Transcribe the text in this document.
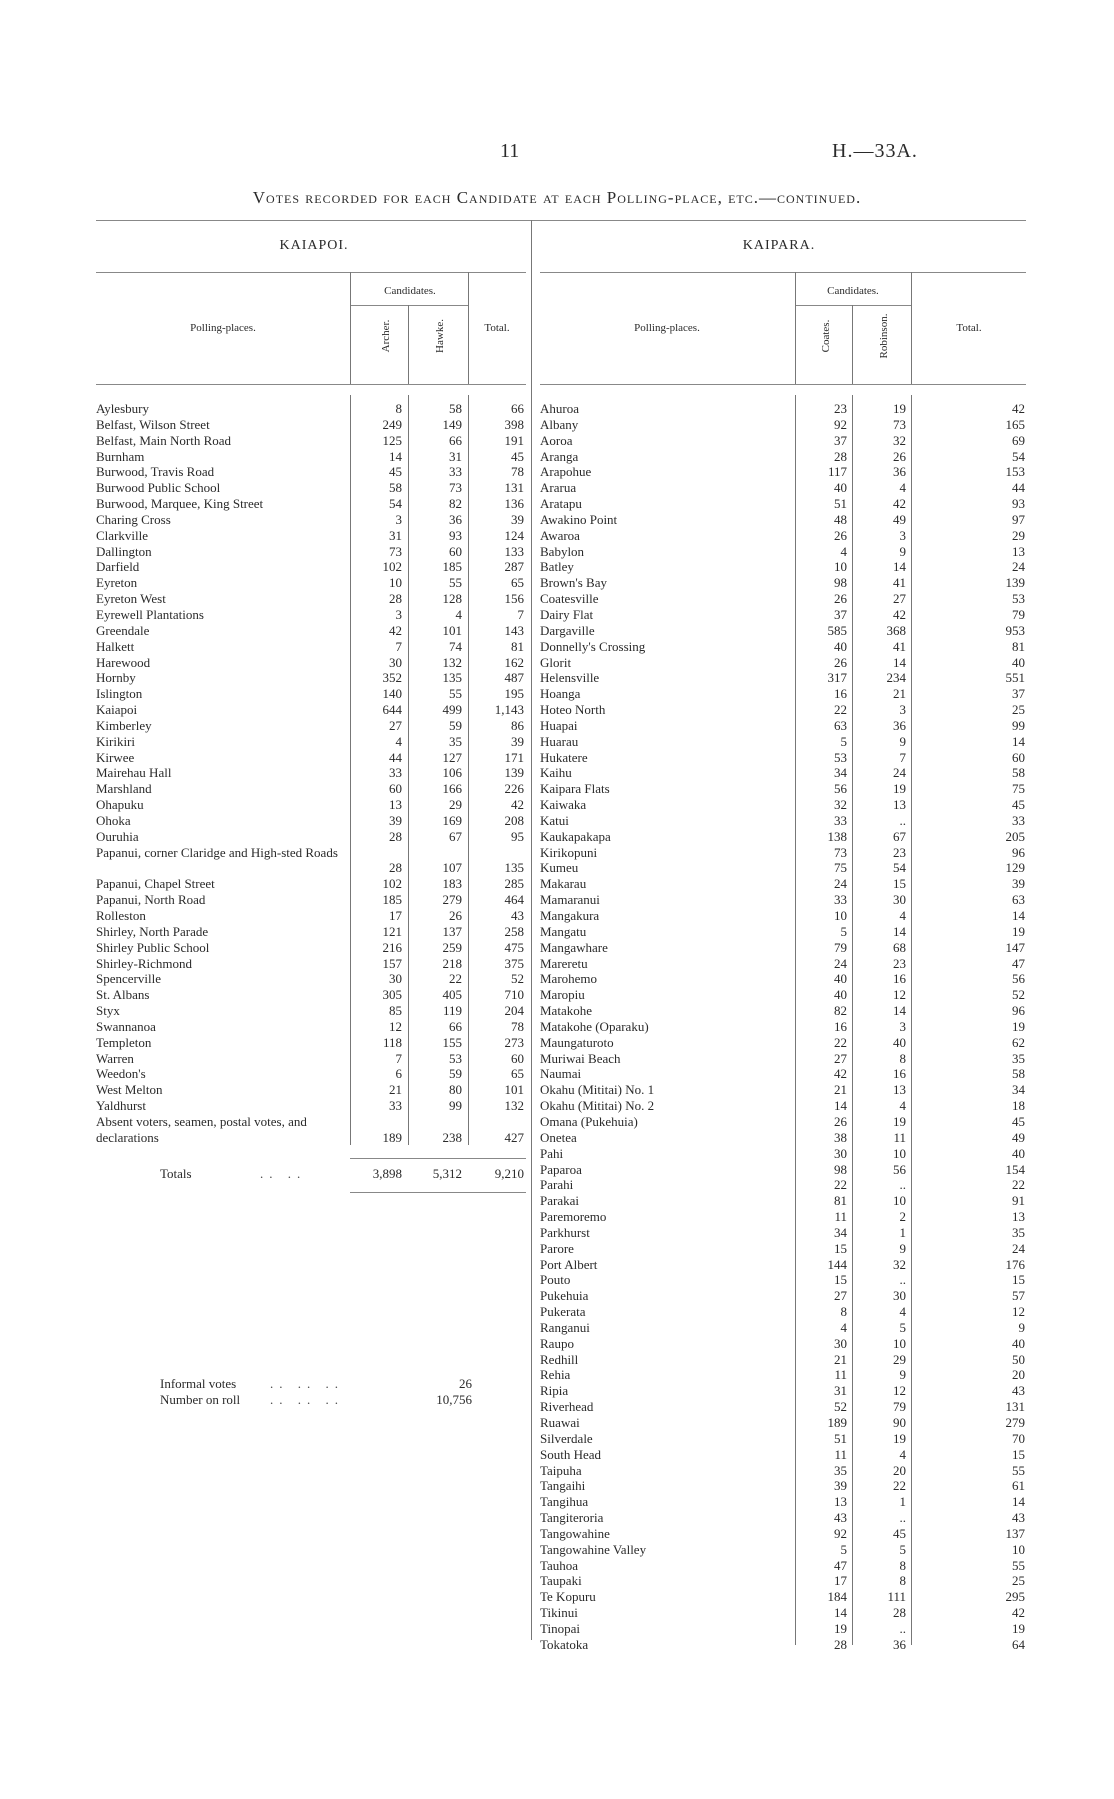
11	H.—33A.
Votes recorded for each Candidate at each Polling-place, etc.—continued.
KAIAPOI.
Candidates.
Polling-places.	Archer.	Hawke.	Total.
KAIPARA.
Candidates.
Polling-places.	Coates.	Robinson.	Total.
Aylesbury	8	58	66
Belfast, Wilson Street	249	149	398
Belfast, Main North Road	125	66	191
Burnham	14	31	45
Burwood, Travis Road	45	33	78
Burwood Public School	58	73	131
Burwood, Marquee, King Street	54	82	136
Charing Cross	3	36	39
Clarkville	31	93	124
Dallington	73	60	133
Darfield	102	185	287
Eyreton	10	55	65
Eyreton West	28	128	156
Eyrewell Plantations	3	4	7
Greendale	42	101	143
Halkett	7	74	81
Harewood	30	132	162
Hornby	352	135	487
Islington	140	55	195
Kaiapoi	644	499	1,143
Kimberley	27	59	86
Kirikiri	4	35	39
Kirwee	44	127	171
Mairehau Hall	33	106	139
Marshland	60	166	226
Ohapuku	13	29	42
Ohoka	39	169	208
Ouruhia	28	67	95
Papanui, corner Claridge and High-sted Roads
28	107	135
Papanui, Chapel Street	102	183	285
Papanui, North Road	185	279	464
Rolleston	17	26	43
Shirley, North Parade	121	137	258
Shirley Public School	216	259	475
Shirley-Richmond	157	218	375
Spencerville	30	22	52
St. Albans	305	405	710
Styx	85	119	204
Swannanoa	12	66	78
Templeton	118	155	273
Warren	7	53	60
Weedon's	6	59	65
West Melton	21	80	101
Yaldhurst	33	99	132
Absent voters, seamen, postal votes, and declarations	189	238	427
Ahuroa	23	19	42
Albany	92	73	165
Aoroa	37	32	69
Aranga	28	26	54
Arapohue	117	36	153
Ararua	40	4	44
Aratapu	51	42	93
Awakino Point	48	49	97
Awaroa	26	3	29
Babylon	4	9	13
Batley	10	14	24
Brown's Bay	98	41	139
Coatesville	26	27	53
Dairy Flat	37	42	79
Dargaville	585	368	953
Donnelly's Crossing	40	41	81
Glorit	26	14	40
Helensville	317	234	551
Hoanga	16	21	37
Hoteo North	22	3	25
Huapai	63	36	99
Huarau	5	9	14
Hukatere	53	7	60
Kaihu	34	24	58
Kaipara Flats	56	19	75
Kaiwaka	32	13	45
Katui	33	..	33
Kaukapakapa	138	67	205
Kirikopuni	73	23	96
Kumeu	75	54	129
Makarau	24	15	39
Mamaranui	33	30	63
Mangakura	10	4	14
Mangatu	5	14	19
Mangawhare	79	68	147
Mareretu	24	23	47
Marohemo	40	16	56
Maropiu	40	12	52
Matakohe	82	14	96
Matakohe (Oparaku)	16	3	19
Maungaturoto	22	40	62
Muriwai Beach	27	8	35
Naumai	42	16	58
Okahu (Mititai) No. 1	21	13	34
Okahu (Mititai) No. 2	14	4	18
Omana (Pukehuia)	26	19	45
Onetea	38	11	49
Pahi	30	10	40
Paparoa	98	56	154
Parahi	22	..	22
Parakai	81	10	91
Paremoremo	11	2	13
Parkhurst	34	1	35
Parore	15	9	24
Port Albert	144	32	176
Pouto	15	..	15
Pukehuia	27	30	57
Pukerata	8	4	12
Ranganui	4	5	9
Raupo	30	10	40
Redhill	21	29	50
Rehia	11	9	20
Ripia	31	12	43
Riverhead	52	79	131
Ruawai	189	90	279
Silverdale	51	19	70
South Head	11	4	15
Taipuha	35	20	55
Tangaihi	39	22	61
Tangihua	13	1	14
Tangiteroria	43	..	43
Tangowahine	92	45	137
Tangowahine Valley	5	5	10
Tauhoa	47	8	55
Taupaki	17	8	25
Te Kopuru	184	111	295
Tikinui	14	28	42
Tinopai	19	..	19
Tokatoka	28	36	64
Totals	.. ..	3,898	5,312	9,210
Informal votes	.. .. ..	26
Number on roll .. .. ..	10,756
